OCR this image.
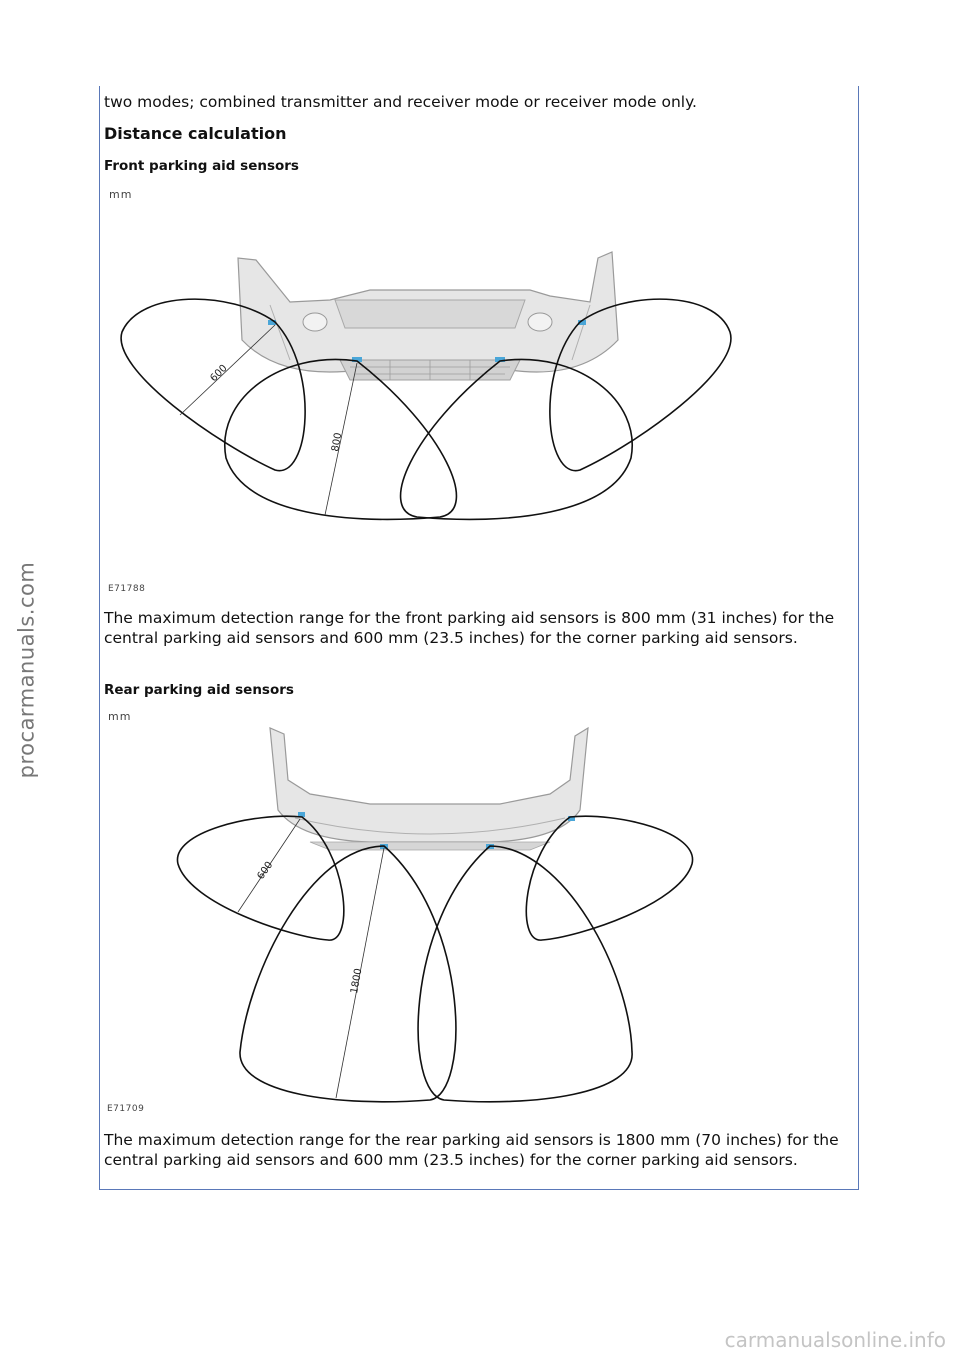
two modes; combined transmitter and receiver mode or receiver mode only.

Distance calculation

Front parking aid sensors

mm
600
800
E71788

The maximum detection range for the front parking aid sensors is 800 mm (31 inches) for the central parking aid sensors and 600 mm (23.5 inches) for the corner parking aid sensors.

Rear parking aid sensors

mm
600
1800
E71709

The maximum detection range for the rear parking aid sensors is 1800 mm (70 inches) for the central parking aid sensors and 600 mm (23.5 inches) for the corner parking aid sensors.

procarmanuals.com
carmanualsonline.info
